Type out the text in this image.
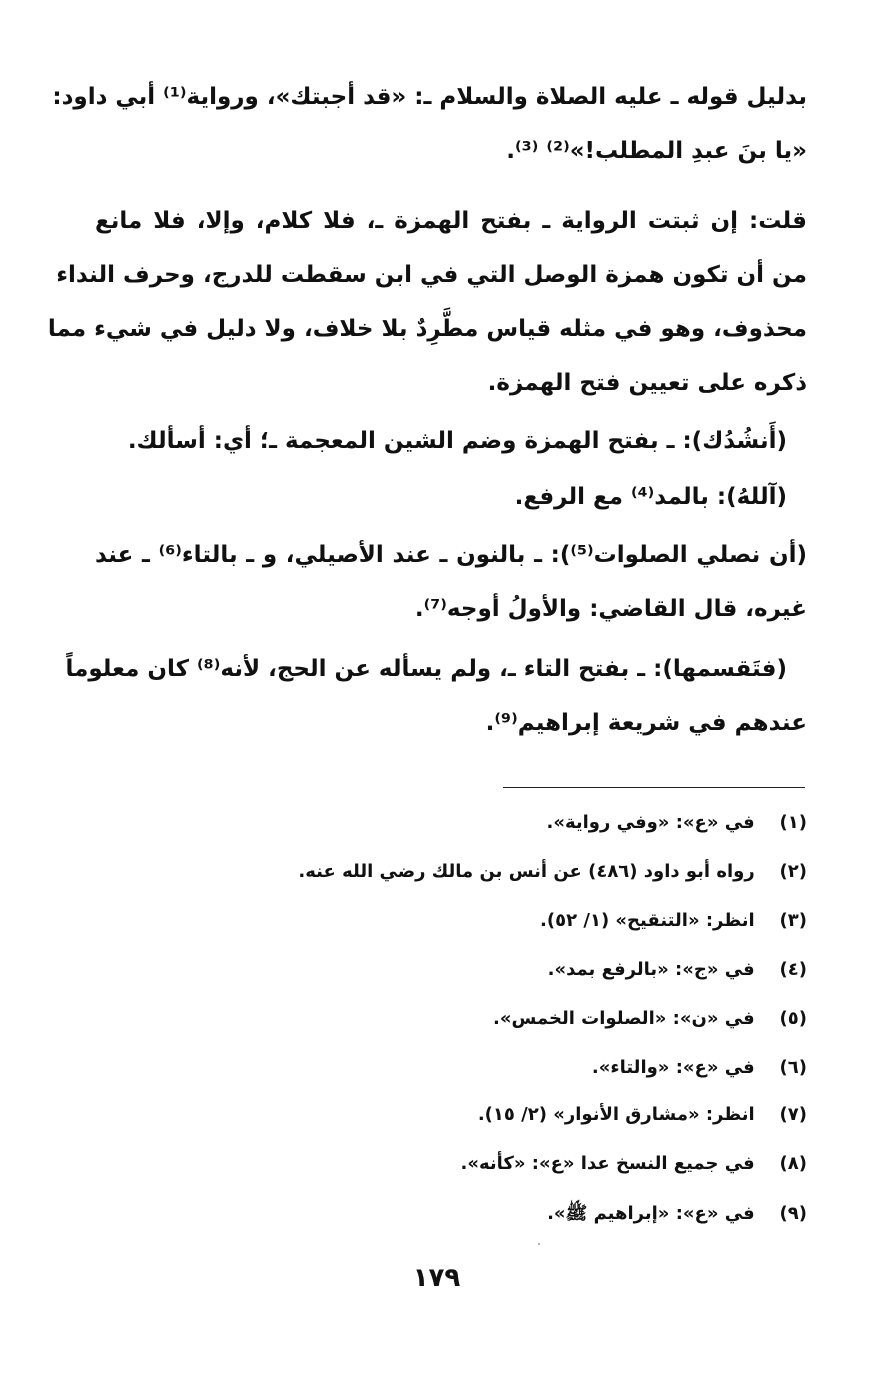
بدليل قوله ـ عليه الصلاة والسلام ـ: «قد أجبتك»، ورواية⁽¹⁾ أبي داود:
«يا بنَ عبدِ المطلب!»⁽²⁾ ⁽³⁾.
قلت: إن ثبتت الرواية ـ بفتح الهمزة ـ، فلا كلام، وإلا، فلا مانع
من أن تكون همزة الوصل التي في ابن سقطت للدرج، وحرف النداء
محذوف، وهو في مثله قياس مطَّرِدٌ بلا خلاف، ولا دليل في شيء مما
ذكره على تعيين فتح الهمزة.
(أَنشُدُك): ـ بفتح الهمزة وضم الشين المعجمة ـ؛ أي: أسألك.
(آللهُ): بالمد⁽⁴⁾ مع الرفع.
(أن نصلي الصلوات⁽⁵⁾): ـ بالنون ـ عند الأصيلي، و ـ بالتاء⁽⁶⁾ ـ عند
غيره، قال القاضي: والأولُ أوجه⁽⁷⁾.
(فتَقسمها): ـ بفتح التاء ـ، ولم يسأله عن الحج، لأنه⁽⁸⁾ كان معلوماً
عندهم في شريعة إبراهيم⁽⁹⁾.
(١) في «ع»: «وفي رواية».
(٢) رواه أبو داود (٤٨٦) عن أنس بن مالك رضي الله عنه.
(٣) انظر: «التنقيح» (١/ ٥٢).
(٤) في «ج»: «بالرفع بمد».
(٥) في «ن»: «الصلوات الخمس».
(٦) في «ع»: «والتاء».
(٧) انظر: «مشارق الأنوار» (٢/ ١٥).
(٨) في جميع النسخ عدا «ع»: «كأنه».
(٩) في «ع»: «إبراهيم ﷺ».
١٧٩
